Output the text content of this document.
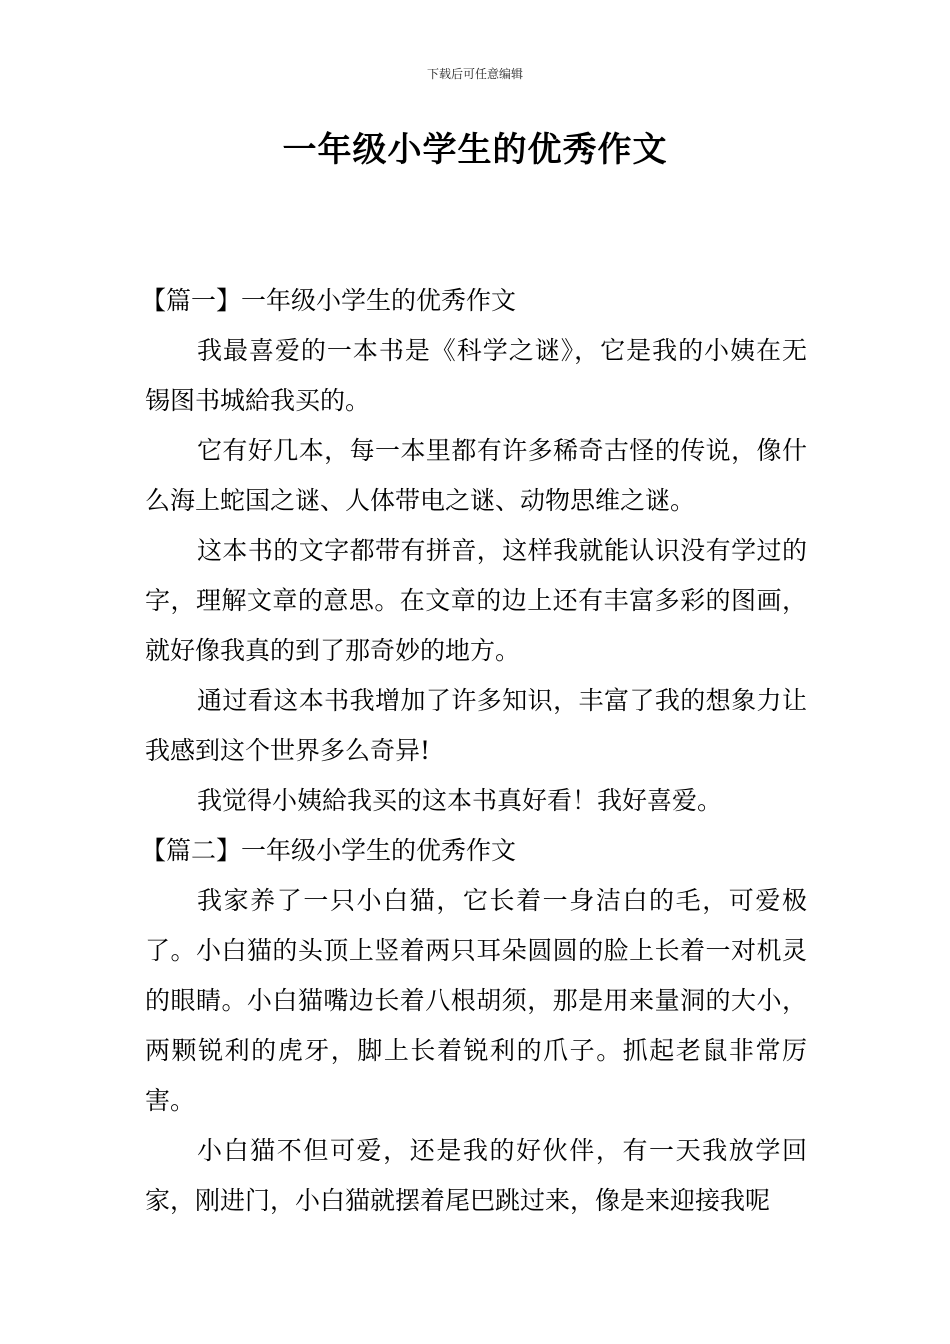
下载后可任意编辑
一年级小学生的优秀作文

【篇一】一年级小学生的优秀作文

我最喜爱的一本书是《科学之谜》，它是我的小姨在无锡图书城給我买的。

它有好几本，每一本里都有许多稀奇古怪的传说，像什么海上蛇国之谜、人体带电之谜、动物思维之谜。

这本书的文字都带有拼音，这样我就能认识没有学过的字，理解文章的意思。在文章的边上还有丰富多彩的图画，就好像我真的到了那奇妙的地方。

通过看这本书我增加了许多知识，丰富了我的想象力让我感到这个世界多么奇异!

我觉得小姨給我买的这本书真好看！我好喜爱。

【篇二】一年级小学生的优秀作文

我家养了一只小白猫，它长着一身洁白的毛，可爱极了。小白猫的头顶上竖着两只耳朵圆圆的脸上长着一对机灵的眼睛。小白猫嘴边长着八根胡须，那是用来量洞的大小，两颗锐利的虎牙，脚上长着锐利的爪子。抓起老鼠非常厉害。

小白猫不但可爱，还是我的好伙伴，有一天我放学回家，刚进门，小白猫就摆着尾巴跳过来，像是来迎接我呢
